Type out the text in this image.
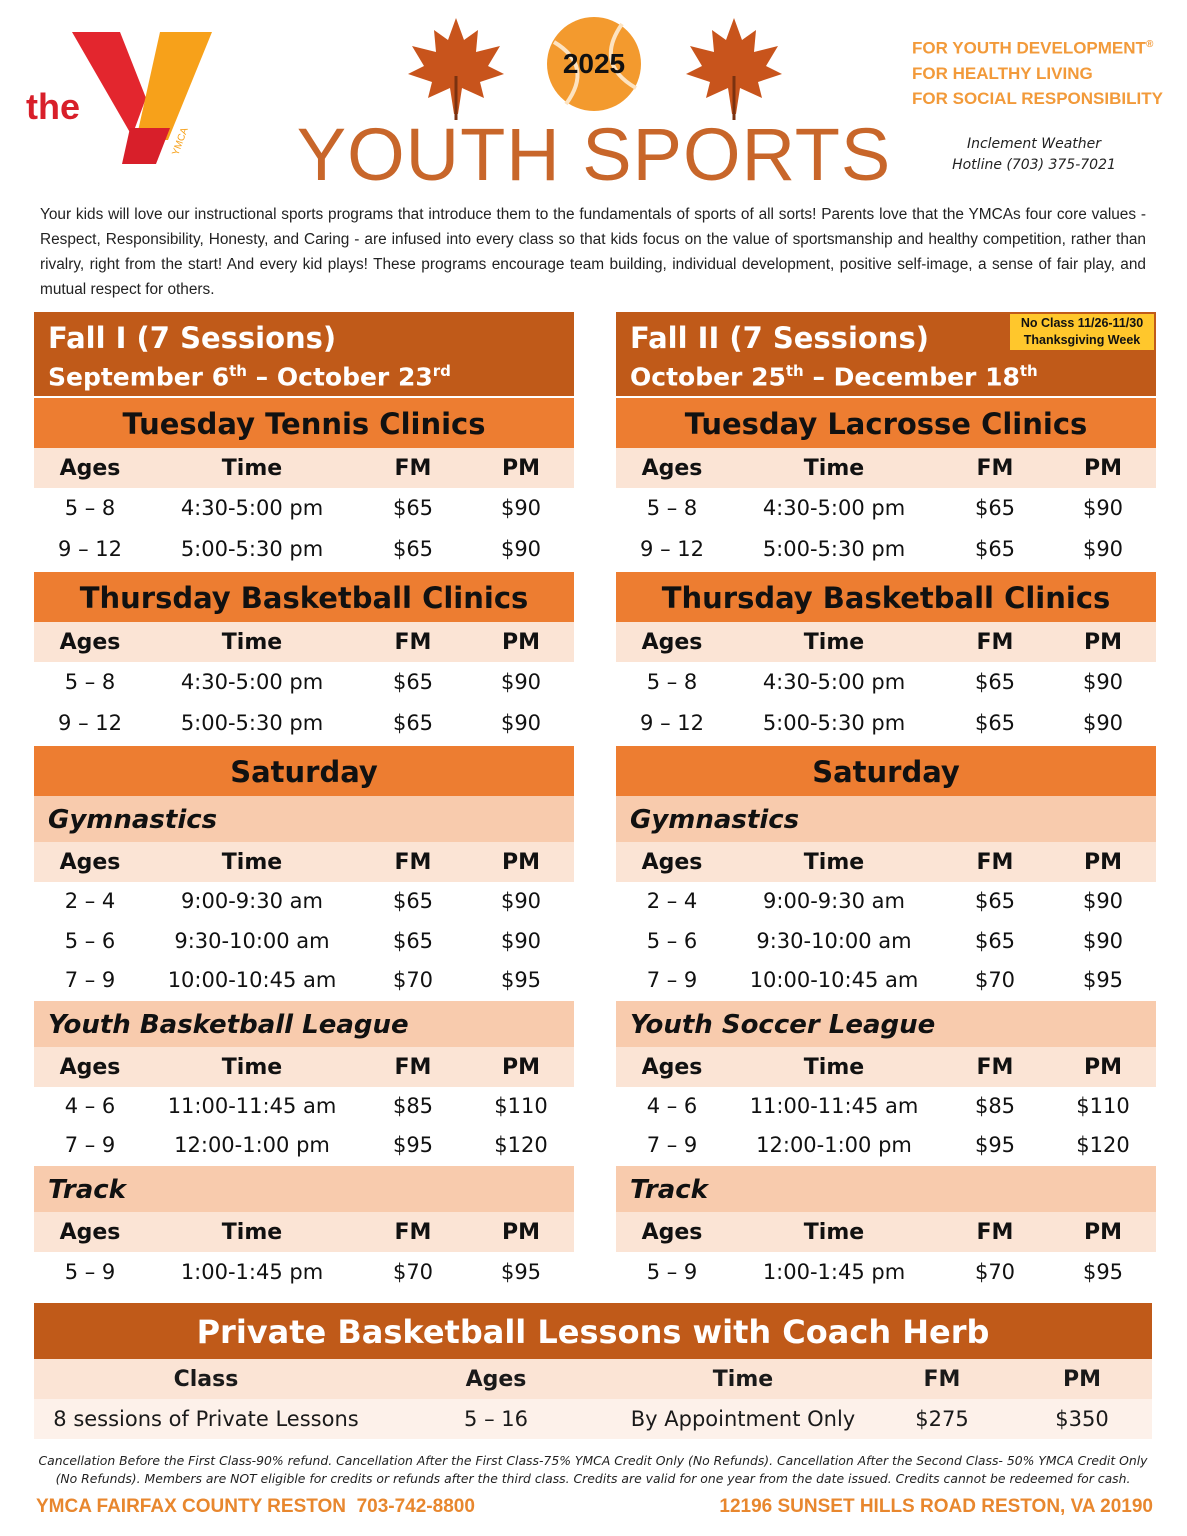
the
YMCA
2025
YOUTH SPORTS
FOR YOUTH DEVELOPMENT®
FOR HEALTHY LIVING
FOR SOCIAL RESPONSIBILITY
Inclement Weather
Hotline (703) 375-7021

Your kids will love our instructional sports programs that introduce them to the fundamentals of sports of all sorts! Parents love that the YMCAs four core values - Respect, Responsibility, Honesty, and Caring - are infused into every class so that kids focus on the value of sportsmanship and healthy competition, rather than rivalry, right from the start! And every kid plays! These programs encourage team building, individual development, positive self-image, a sense of fair play, and mutual respect for others.

Fall I (7 Sessions)
September 6th – October 23rd
Tuesday Tennis Clinics
Ages	Time	FM	PM
5 – 8	4:30-5:00 pm	$65	$90
9 – 12	5:00-5:30 pm	$65	$90
Thursday Basketball Clinics
Ages	Time	FM	PM
5 – 8	4:30-5:00 pm	$65	$90
9 – 12	5:00-5:30 pm	$65	$90
Saturday
Gymnastics
Ages	Time	FM	PM
2 – 4	9:00-9:30 am	$65	$90
5 – 6	9:30-10:00 am	$65	$90
7 – 9	10:00-10:45 am	$70	$95
Youth Basketball League
Ages	Time	FM	PM
4 – 6	11:00-11:45 am	$85	$110
7 – 9	12:00-1:00 pm	$95	$120
Track
Ages	Time	FM	PM
5 – 9	1:00-1:45 pm	$70	$95
No Class 11/26-11/30
Thanksgiving Week
Fall II (7 Sessions)
October 25th – December 18th
Tuesday Lacrosse Clinics
Ages	Time	FM	PM
5 – 8	4:30-5:00 pm	$65	$90
9 – 12	5:00-5:30 pm	$65	$90
Thursday Basketball Clinics
Ages	Time	FM	PM
5 – 8	4:30-5:00 pm	$65	$90
9 – 12	5:00-5:30 pm	$65	$90
Saturday
Gymnastics
Ages	Time	FM	PM
2 – 4	9:00-9:30 am	$65	$90
5 – 6	9:30-10:00 am	$65	$90
7 – 9	10:00-10:45 am	$70	$95
Youth Soccer League
Ages	Time	FM	PM
4 – 6	11:00-11:45 am	$85	$110
7 – 9	12:00-1:00 pm	$95	$120
Track
Ages	Time	FM	PM
5 – 9	1:00-1:45 pm	$70	$95
Private Basketball Lessons with Coach Herb
Class	Ages	Time	FM	PM
8 sessions of Private Lessons	5 – 16	By Appointment Only	$275	$350

Cancellation Before the First Class-90% refund. Cancellation After the First Class-75% YMCA Credit Only (No Refunds). Cancellation After the Second Class- 50% YMCA Credit Only (No Refunds). Members are NOT eligible for credits or refunds after the third class. Credits are valid for one year from the date issued. Credits cannot be redeemed for cash.

YMCA FAIRFAX COUNTY RESTON  703-742-8800	12196 SUNSET HILLS ROAD RESTON, VA 20190
